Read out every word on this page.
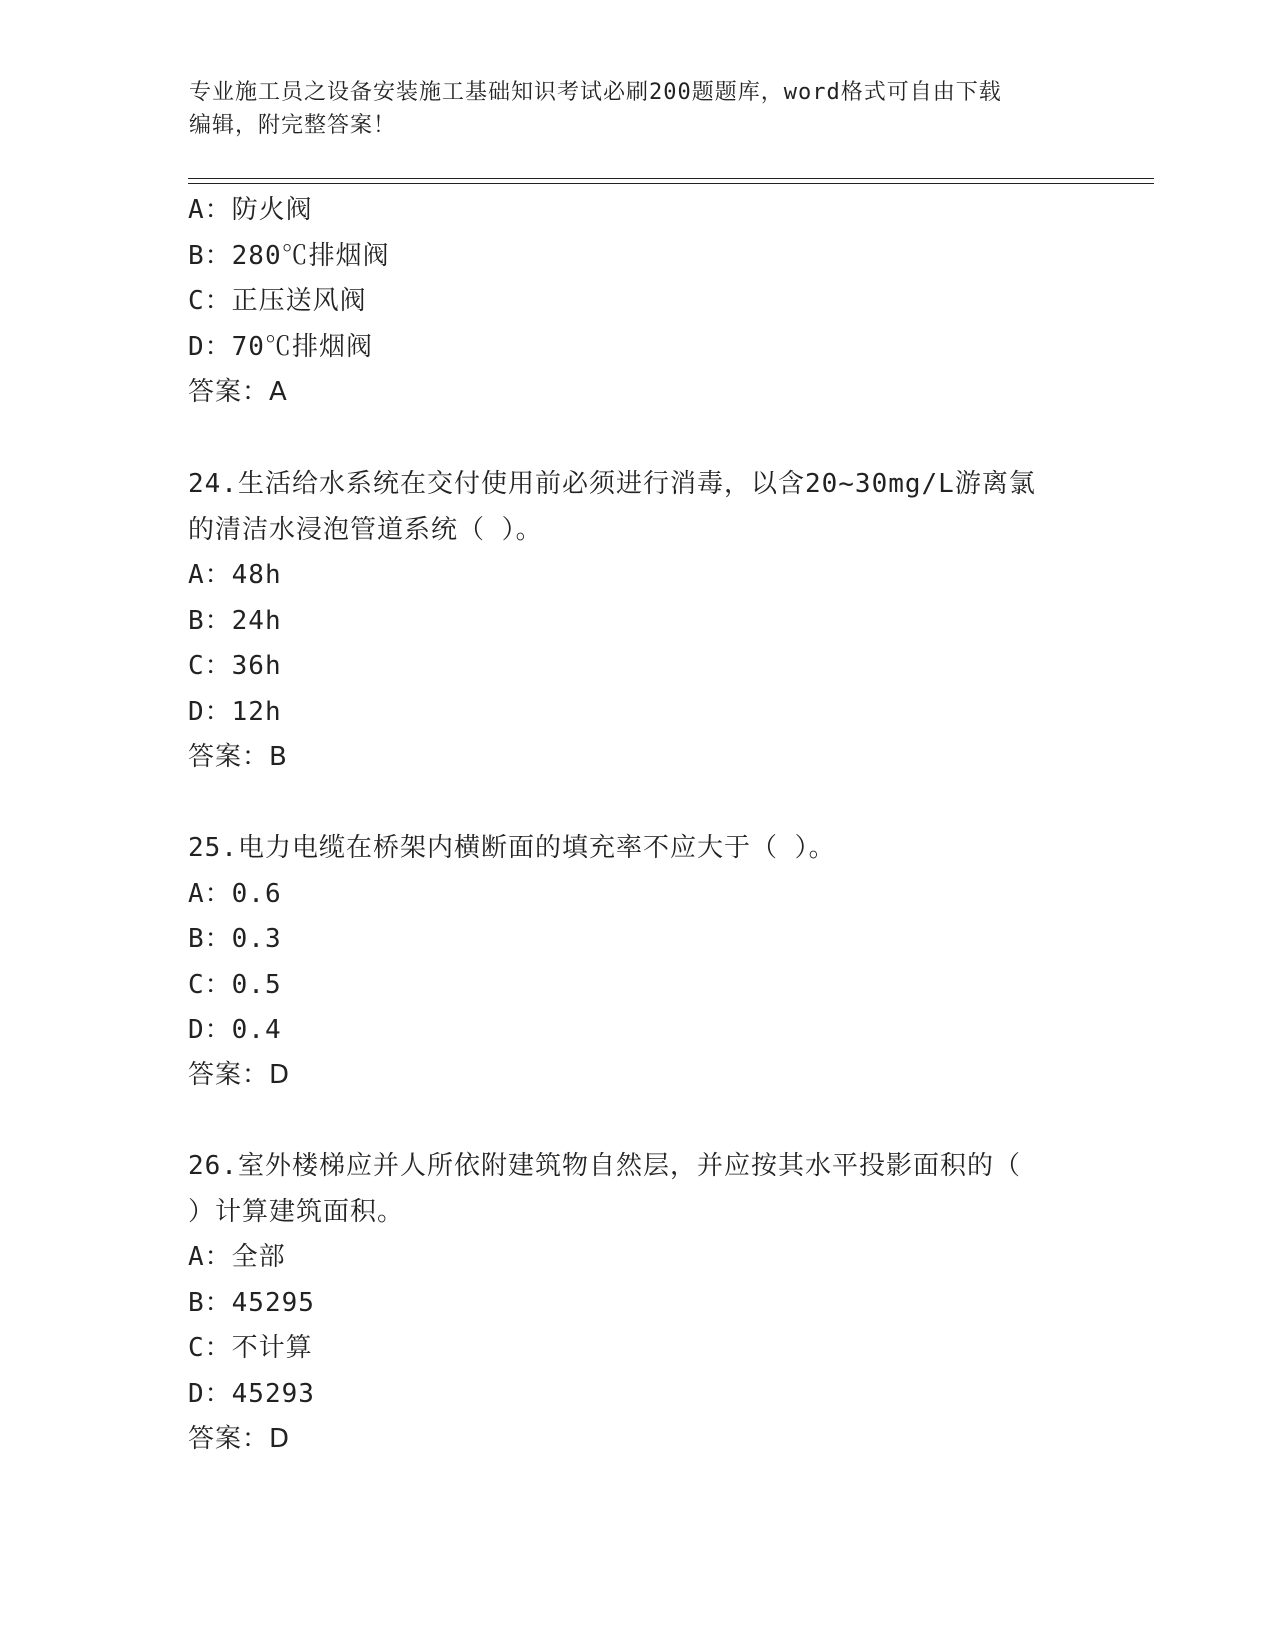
专业施工员之设备安装施工基础知识考试必刷200题题库，word格式可自由下载
编辑，附完整答案！
A：防火阀
B：280℃排烟阀
C：正压送风阀
D：70℃排烟阀
答案：A
24.生活给水系统在交付使用前必须进行消毒，以含20~30mg/L游离氯
的清洁水浸泡管道系统（ ）。
A：48h
B：24h
C：36h
D：12h
答案：B
25.电力电缆在桥架内横断面的填充率不应大于（ ）。
A：0.6
B：0.3
C：0.5
D：0.4
答案：D
26.室外楼梯应并人所依附建筑物自然层，并应按其水平投影面积的（
）计算建筑面积。
A：全部
B：45295
C：不计算
D：45293
答案：D
